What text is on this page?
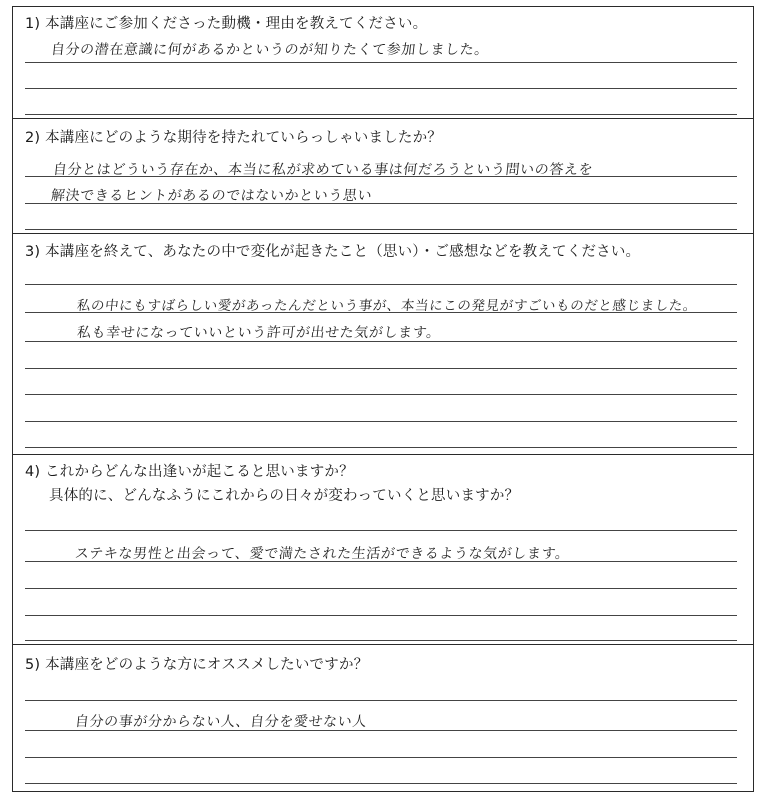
1) 本講座にご参加くださった動機・理由を教えてください。
自分の潜在意識に何があるかというのが知りたくて参加しました。
2) 本講座にどのような期待を持たれていらっしゃいましたか？
自分とはどういう存在か、本当に私が求めている事は何だろうという問いの答えを
解決できるヒントがあるのではないかという思い
3) 本講座を終えて、あなたの中で変化が起きたこと（思い）・ご感想などを教えてください。
私の中にもすばらしい愛があったんだという事が、本当にこの発見がすごいものだと感じました。
私も幸せになっていいという許可が出せた気がします。
4) これからどんな出逢いが起こると思いますか？
具体的に、どんなふうにこれからの日々が変わっていくと思いますか？
ステキな男性と出会って、愛で満たされた生活ができるような気がします。
5) 本講座をどのような方にオススメしたいですか？
自分の事が分からない人、自分を愛せない人
